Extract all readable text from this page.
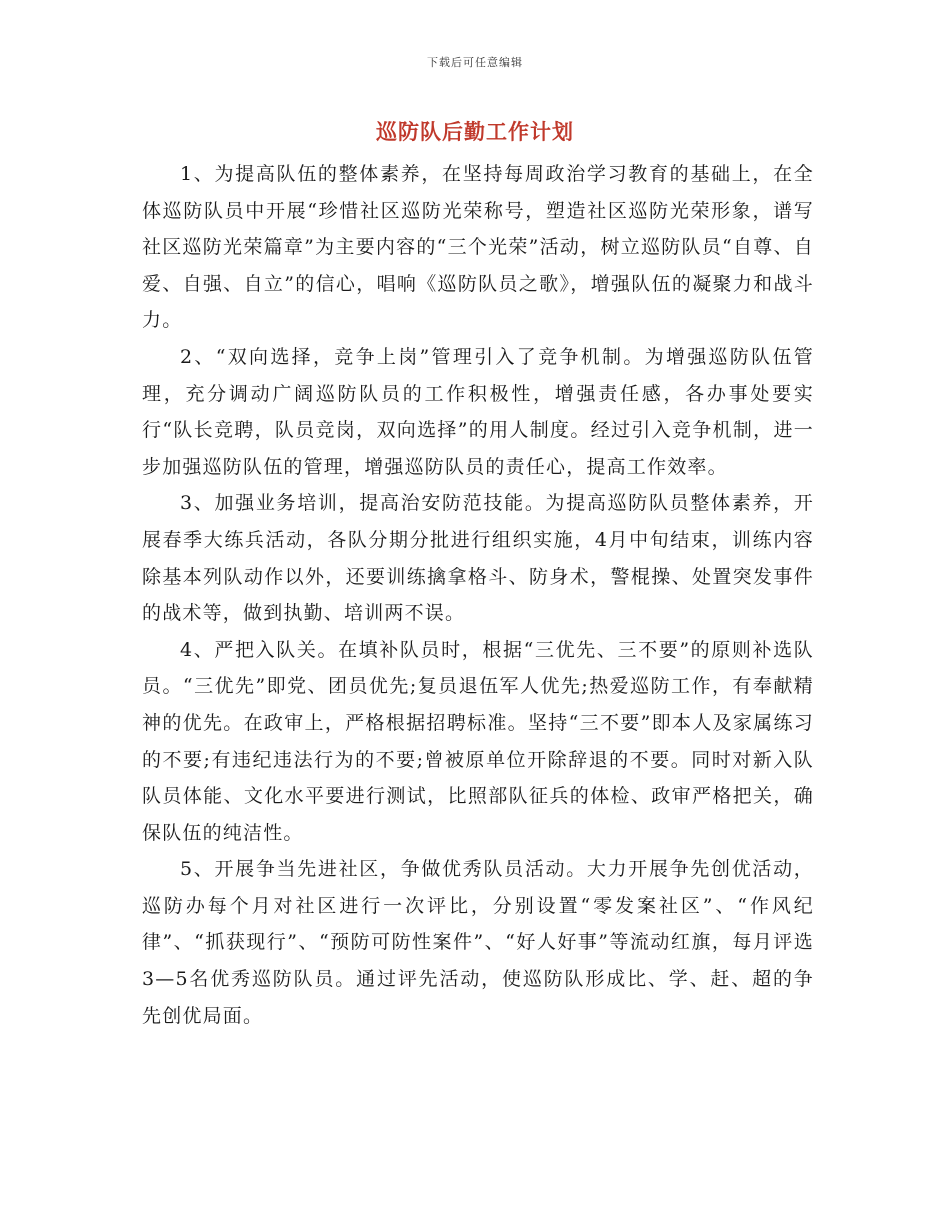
下载后可任意编辑
巡防队后勤工作计划

1、为提高队伍的整体素养，在坚持每周政治学习教育的基础上，在全体巡防队员中开展“珍惜社区巡防光荣称号，塑造社区巡防光荣形象，谱写社区巡防光荣篇章”为主要内容的“三个光荣”活动，树立巡防队员“自尊、自爱、自强、自立”的信心，唱响《巡防队员之歌》，增强队伍的凝聚力和战斗力。

2、“双向选择，竞争上岗”管理引入了竞争机制。为增强巡防队伍管理，充分调动广阔巡防队员的工作积极性，增强责任感，各办事处要实行“队长竞聘，队员竞岗，双向选择”的用人制度。经过引入竞争机制，进一步加强巡防队伍的管理，增强巡防队员的责任心，提高工作效率。

3、加强业务培训，提高治安防范技能。为提高巡防队员整体素养，开展春季大练兵活动，各队分期分批进行组织实施，4月中旬结束，训练内容除基本列队动作以外，还要训练擒拿格斗、防身术，警棍操、处置突发事件的战术等，做到执勤、培训两不误。

4、严把入队关。在填补队员时，根据“三优先、三不要”的原则补选队员。“三优先”即党、团员优先;复员退伍军人优先;热爱巡防工作，有奉献精神的优先。在政审上，严格根据招聘标准。坚持“三不要”即本人及家属练习的不要;有违纪违法行为的不要;曾被原单位开除辞退的不要。同时对新入队队员体能、文化水平要进行测试，比照部队征兵的体检、政审严格把关，确保队伍的纯洁性。

5、开展争当先进社区，争做优秀队员活动。大力开展争先创优活动，巡防办每个月对社区进行一次评比，分别设置“零发案社区”、“作风纪律”、“抓获现行”、“预防可防性案件”、“好人好事”等流动红旗，每月评选3—5名优秀巡防队员。通过评先活动，使巡防队形成比、学、赶、超的争先创优局面。
